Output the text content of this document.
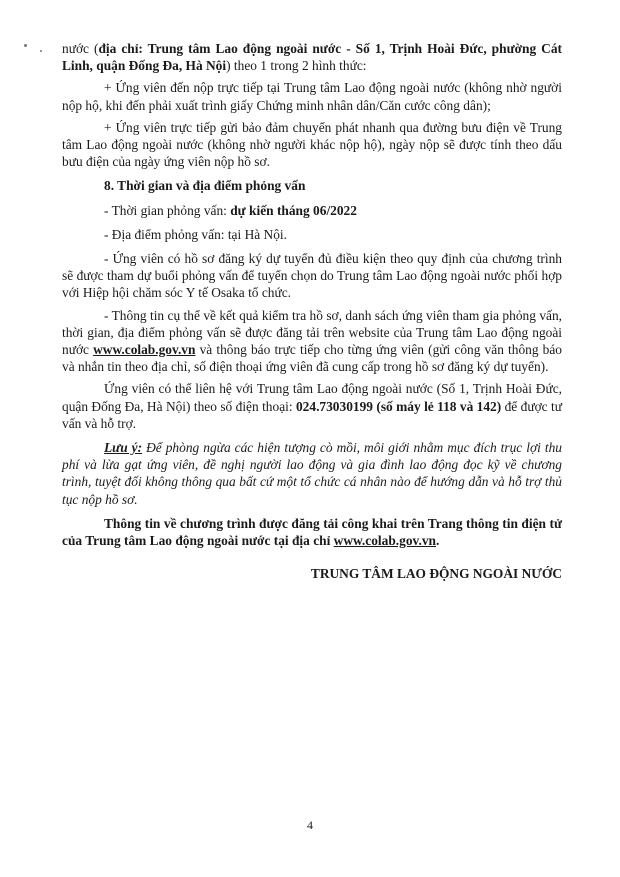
nước (địa chỉ: Trung tâm Lao động ngoài nước - Số 1, Trịnh Hoài Đức, phường Cát Linh, quận Đống Đa, Hà Nội) theo 1 trong 2 hình thức:

+ Ứng viên đến nộp trực tiếp tại Trung tâm Lao động ngoài nước (không nhờ người nộp hộ, khi đến phải xuất trình giấy Chứng minh nhân dân/Căn cước công dân);

+ Ứng viên trực tiếp gửi bảo đảm chuyển phát nhanh qua đường bưu điện về Trung tâm Lao động ngoài nước (không nhờ người khác nộp hộ), ngày nộp sẽ được tính theo dấu bưu điện của ngày ứng viên nộp hồ sơ.

8. Thời gian và địa điểm phỏng vấn

- Thời gian phỏng vấn: dự kiến tháng 06/2022

- Địa điểm phỏng vấn: tại Hà Nội.

- Ứng viên có hồ sơ đăng ký dự tuyển đủ điều kiện theo quy định của chương trình sẽ được tham dự buổi phỏng vấn để tuyển chọn do Trung tâm Lao động ngoài nước phối hợp với Hiệp hội chăm sóc Y tế Osaka tổ chức.

- Thông tin cụ thể về kết quả kiểm tra hồ sơ, danh sách ứng viên tham gia phỏng vấn, thời gian, địa điểm phỏng vấn sẽ được đăng tải trên website của Trung tâm Lao động ngoài nước www.colab.gov.vn và thông báo trực tiếp cho từng ứng viên (gửi công văn thông báo và nhắn tin theo địa chỉ, số điện thoại ứng viên đã cung cấp trong hồ sơ đăng ký dự tuyển).

Ứng viên có thể liên hệ với Trung tâm Lao động ngoài nước (Số 1, Trịnh Hoài Đức, quận Đống Đa, Hà Nội) theo số điện thoại: 024.73030199 (số máy lẻ 118 và 142) để được tư vấn và hỗ trợ.

Lưu ý: Để phòng ngừa các hiện tượng cò mồi, môi giới nhằm mục đích trục lợi thu phí và lừa gạt ứng viên, đề nghị người lao động và gia đình lao động đọc kỹ về chương trình, tuyệt đối không thông qua bất cứ một tổ chức cá nhân nào để hướng dẫn và hỗ trợ thủ tục nộp hồ sơ.

Thông tin về chương trình được đăng tải công khai trên Trang thông tin điện tử của Trung tâm Lao động ngoài nước tại địa chỉ www.colab.gov.vn.

TRUNG TÂM LAO ĐỘNG NGOÀI NƯỚC
4
